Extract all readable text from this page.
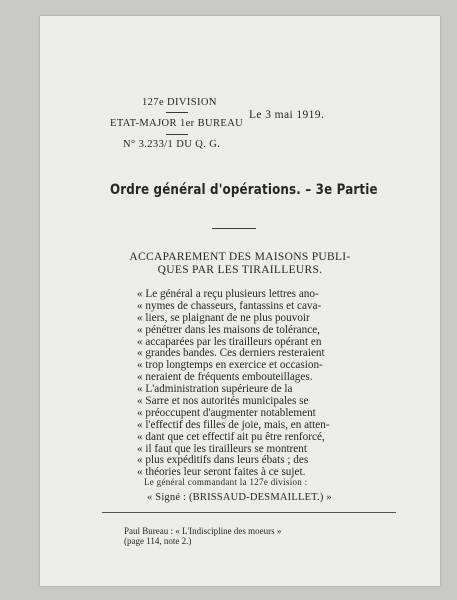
127e DIVISION
ETAT-MAJOR 1er BUREAU
N° 3.233/1 DU Q. G.
Le 3 mai 1919.
Ordre général d'opérations. – 3e Partie
ACCAPAREMENT DES MAISONS PUBLI-
QUES PAR LES TIRAILLEURS.
« Le général a reçu plusieurs lettres ano-
« nymes de chasseurs, fantassins et cava-
« liers, se plaignant de ne plus pouvoir
« pénétrer dans les maisons de tolérance,
« accaparées par les tirailleurs opérant en
« grandes bandes. Ces derniers resteraient
« trop longtemps en exercice et occasion-
« neraient de fréquents embouteillages.
« L'administration supérieure de la
« Sarre et nos autorités municipales se
« préoccupent d'augmenter notablement
« l'effectif des filles de joie, mais, en atten-
« dant que cet effectif ait pu être renforcé,
« il faut que les tirailleurs se montrent
« plus expéditifs dans leurs ébats ; des
« théories leur seront faites à ce sujet.
Le général commandant la 127e division :
« Signé : (BRISSAUD-DESMAILLET.) »
Paul Bureau : « L'Indiscipline des moeurs »
(page 114, note 2.)
